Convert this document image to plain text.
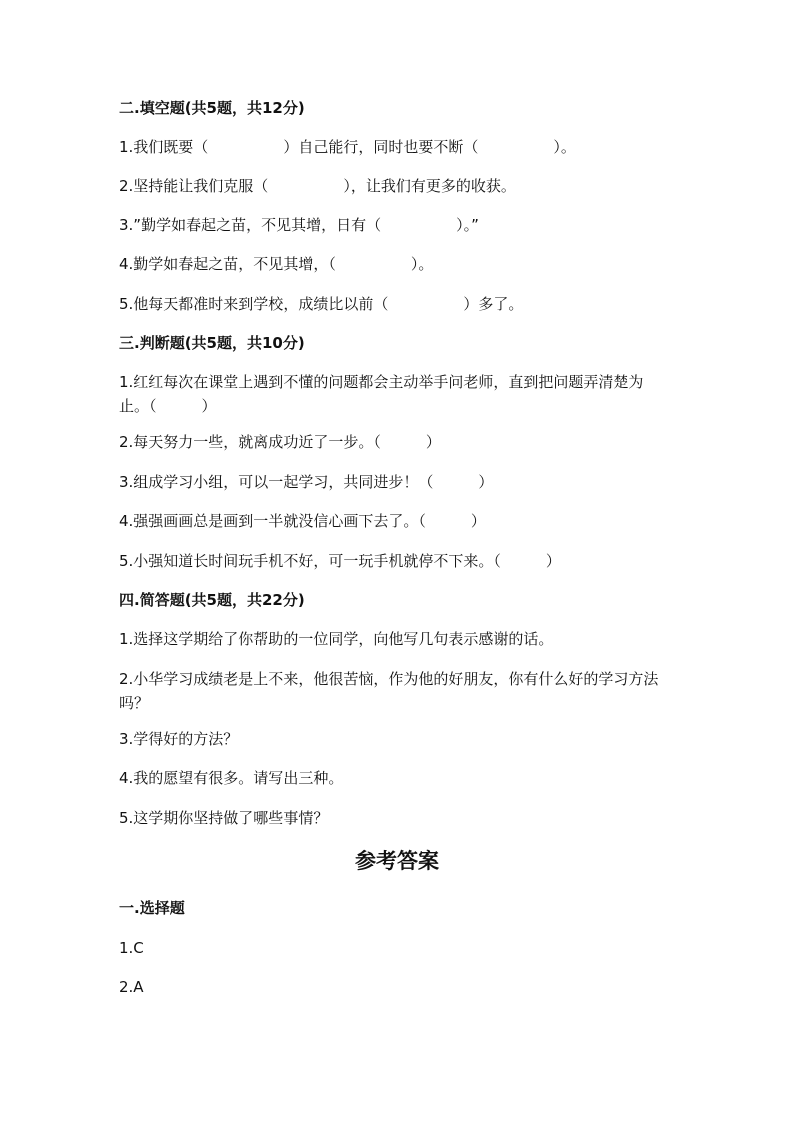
二.填空题(共5题，共12分)
1.我们既要（　　　　　）自己能行，同时也要不断（　　　　　）。
2.坚持能让我们克服（　　　　　），让我们有更多的收获。
3.”勤学如春起之苗，不见其增，日有（　　　　　）。”
4.勤学如春起之苗，不见其增，（　　　　　）。
5.他每天都准时来到学校，成绩比以前（　　　　　）多了。
三.判断题(共5题，共10分)
1.红红每次在课堂上遇到不懂的问题都会主动举手问老师，直到把问题弄清楚为止。（　　　）
2.每天努力一些，就离成功近了一步。（　　　）
3.组成学习小组，可以一起学习，共同进步！（　　　）
4.强强画画总是画到一半就没信心画下去了。（　　　）
5.小强知道长时间玩手机不好，可一玩手机就停不下来。（　　　）
四.简答题(共5题，共22分)
1.选择这学期给了你帮助的一位同学，向他写几句表示感谢的话。
2.小华学习成绩老是上不来，他很苦恼，作为他的好朋友，你有什么好的学习方法吗？
3.学得好的方法？
4.我的愿望有很多。请写出三种。
5.这学期你坚持做了哪些事情？
参考答案
一.选择题
1.C
2.A
